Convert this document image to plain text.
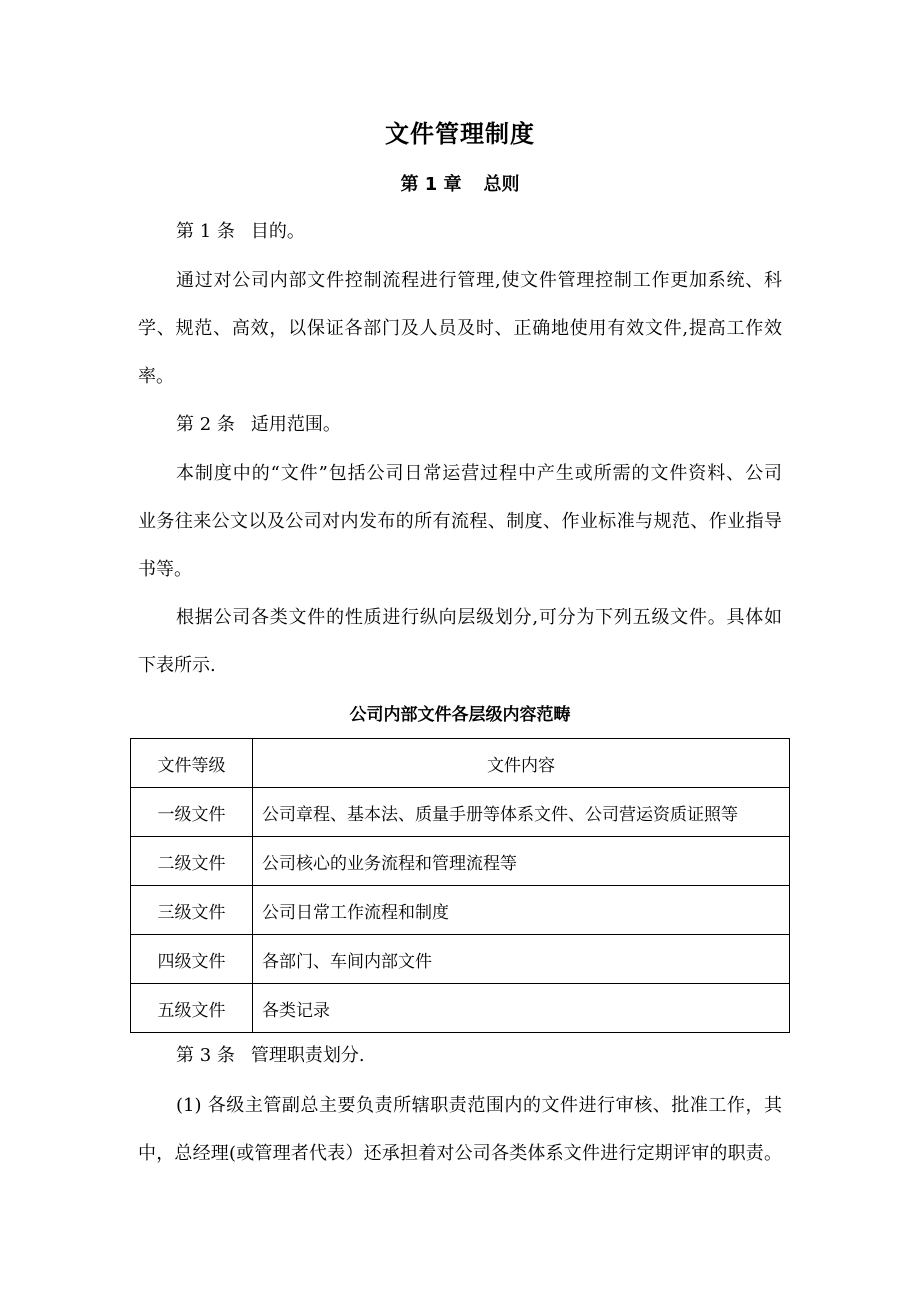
文件管理制度
第 1 章 总则
第 1 条 目的。
通过对公司内部文件控制流程进行管理,使文件管理控制工作更加系统、科
学、规范、高效，以保证各部门及人员及时、正确地使用有效文件,提高工作效
率。
第 2 条 适用范围。
本制度中的“文件”包括公司日常运营过程中产生或所需的文件资料、公司
业务往来公文以及公司对内发布的所有流程、制度、作业标准与规范、作业指导
书等。
根据公司各类文件的性质进行纵向层级划分,可分为下列五级文件。具体如
下表所示.
公司内部文件各层级内容范畴
文件等级	文件内容
一级文件	公司章程、基本法、质量手册等体系文件、公司营运资质证照等
二级文件	公司核心的业务流程和管理流程等
三级文件	公司日常工作流程和制度
四级文件	各部门、车间内部文件
五级文件	各类记录
第 3 条 管理职责划分.
(1) 各级主管副总主要负责所辖职责范围内的文件进行审核、批准工作，其
中，总经理(或管理者代表）还承担着对公司各类体系文件进行定期评审的职责。
